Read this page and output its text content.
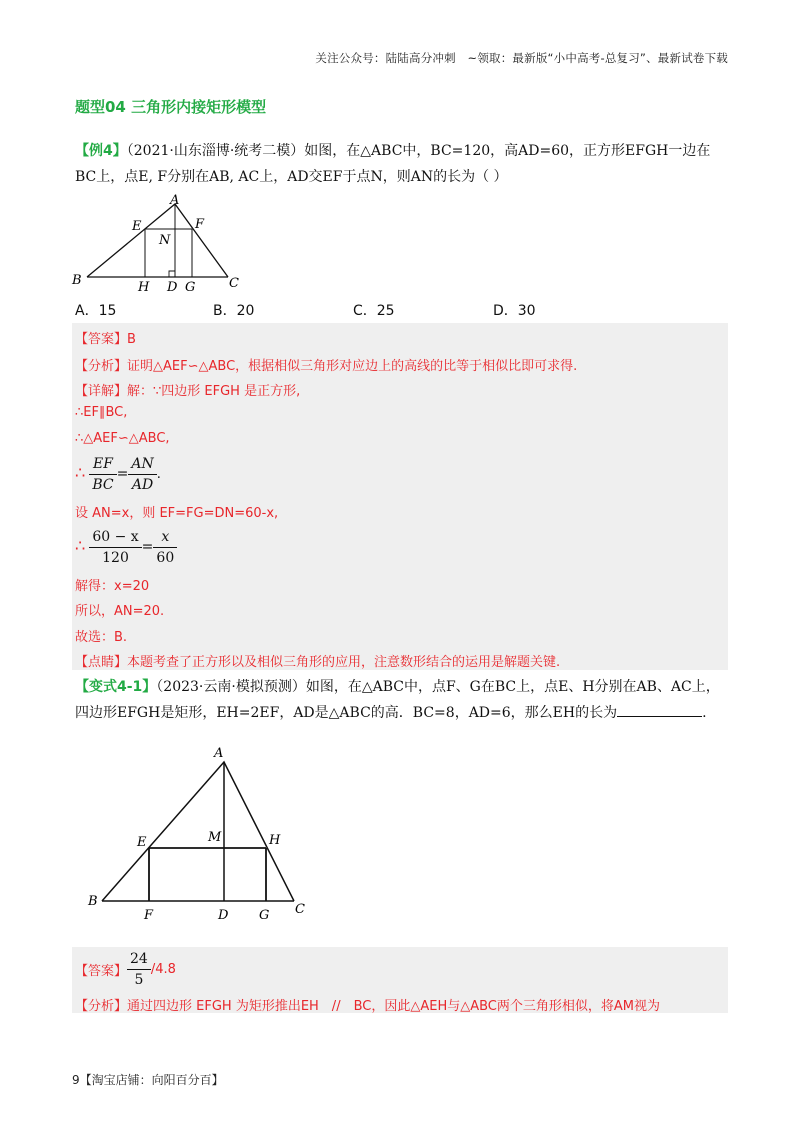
关注公众号：陆陆高分冲刺　~领取：最新版“小中高考-总复习”、最新试卷下载
题型04 三角形内接矩形模型
【例4】（2021·山东淄博·统考二模）如图，在△ABC中，BC=120，高AD=60，正方形EFGH一边在
BC上，点E, F分别在AB, AC上，AD交EF于点N，则AN的长为（ ）
A
B	C
D
E	F
G
H
N
A．15	B．20	C．25	D．30
【答案】B
【分析】证明△AEF∽△ABC，根据相似三角形对应边上的高线的比等于相似比即可求得.
【详解】解：∵四边形 EFGH 是正方形,
∴EF∥BC,
∴△AEF∽△ABC,
∴ $\frac{EF}{BC} = \frac{AN}{AD}$ .
设 AN=x，则 EF=FG=DN=60-x,
∴ $\frac{60 - x}{120} = \frac{x}{60}$
解得：x=20
所以，AN=20.
故选：B.
【点睛】本题考查了正方形以及相似三角形的应用，注意数形结合的运用是解题关键.
【变式4-1】（2023·云南·模拟预测）如图，在△ABC中，点F、G在BC上，点E、H分别在AB、AC上，
四边形EFGH是矩形，EH=2EF，AD是△ABC的高．BC=8，AD=6，那么EH的长为	.
A
B
C
D
E
F	G
H
M
【答案】 $\frac{24}{5} /4.8$
【分析】通过四边形 EFGH 为矩形推出EH　//　BC，因此△AEH与△ABC两个三角形相似，将AM视为
9【淘宝店铺：向阳百分百】
